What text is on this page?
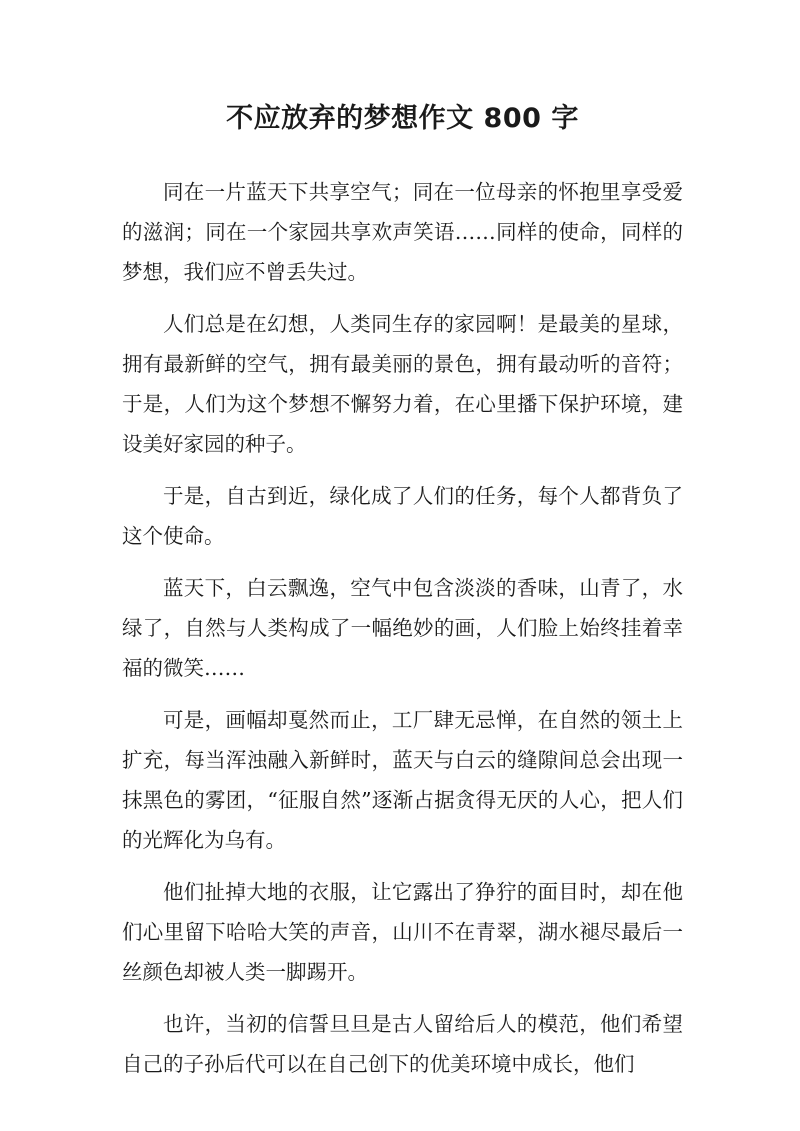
不应放弃的梦想作文 800 字

同在一片蓝天下共享空气；同在一位母亲的怀抱里享受爱的滋润；同在一个家园共享欢声笑语……同样的使命，同样的梦想，我们应不曾丢失过。

人们总是在幻想，人类同生存的家园啊！是最美的星球，拥有最新鲜的空气，拥有最美丽的景色，拥有最动听的音符；于是，人们为这个梦想不懈努力着，在心里播下保护环境，建设美好家园的种子。

于是，自古到近，绿化成了人们的任务，每个人都背负了这个使命。

蓝天下，白云飘逸，空气中包含淡淡的香味，山青了，水绿了，自然与人类构成了一幅绝妙的画，人们脸上始终挂着幸福的微笑……

可是，画幅却戛然而止，工厂肆无忌惮，在自然的领土上扩充，每当浑浊融入新鲜时，蓝天与白云的缝隙间总会出现一抹黑色的雾团，“征服自然”逐渐占据贪得无厌的人心，把人们的光辉化为乌有。

他们扯掉大地的衣服，让它露出了狰狞的面目时，却在他们心里留下哈哈大笑的声音，山川不在青翠，湖水褪尽最后一丝颜色却被人类一脚踢开。

也许，当初的信誓旦旦是古人留给后人的模范，他们希望自己的子孙后代可以在自己创下的优美环境中成长，他们
